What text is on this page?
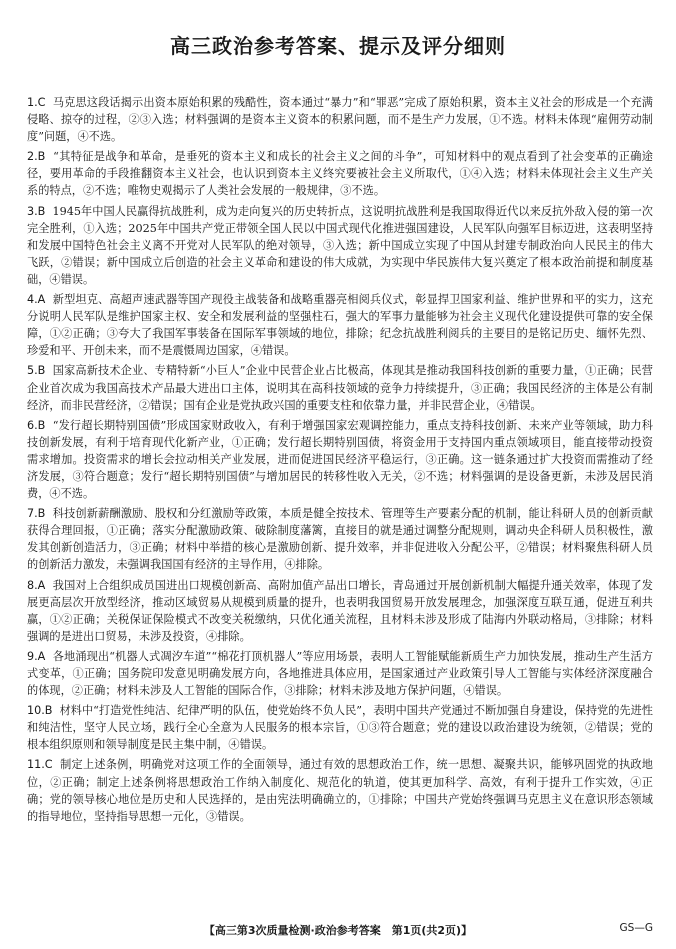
高三政治参考答案、提示及评分细则
1.C 马克思这段话揭示出资本原始积累的残酷性，资本通过“暴力”和“罪恶”完成了原始积累，资本主义社会的形成是一个充满侵略、掠夺的过程，②③入选；材料强调的是资本主义资本的积累问题，而不是生产力发展，①不选。材料未体现“雇佣劳动制度”问题，④不选。
2.B “其特征是战争和革命，是垂死的资本主义和成长的社会主义之间的斗争”，可知材料中的观点看到了社会变革的正确途径，要用革命的手段推翻资本主义社会，也认识到资本主义终究要被社会主义所取代，①④入选；材料未体现社会主义生产关系的特点，②不选；唯物史观揭示了人类社会发展的一般规律，③不选。
3.B 1945年中国人民赢得抗战胜利，成为走向复兴的历史转折点，这说明抗战胜利是我国取得近代以来反抗外敌入侵的第一次完全胜利，①入选；2025年中国共产党正带领全国人民以中国式现代化推进强国建设，人民军队向强军目标迈进，这表明坚持和发展中国特色社会主义离不开党对人民军队的绝对领导，③入选；新中国成立实现了中国从封建专制政治向人民民主的伟大飞跃，②错误；新中国成立后创造的社会主义革命和建设的伟大成就，为实现中华民族伟大复兴奠定了根本政治前提和制度基础，④错误。
4.A 新型坦克、高超声速武器等国产现役主战装备和战略重器亮相阅兵仪式，彰显捍卫国家利益、维护世界和平的实力，这充分说明人民军队是维护国家主权、安全和发展利益的坚强柱石，强大的军事力量能够为社会主义现代化建设提供可靠的安全保障，①②正确；③夸大了我国军事装备在国际军事领域的地位，排除；纪念抗战胜利阅兵的主要目的是铭记历史、缅怀先烈、珍爱和平、开创未来，而不是震慑周边国家，④错误。
5.B 国家高新技术企业、专精特新“小巨人”企业中民营企业占比极高，体现其是推动我国科技创新的重要力量，①正确；民营企业首次成为我国高技术产品最大进出口主体，说明其在高科技领域的竞争力持续提升，③正确；我国民经济的主体是公有制经济，而非民营经济，②错误；国有企业是党执政兴国的重要支柱和依靠力量，并非民营企业，④错误。
6.B “发行超长期特别国债”形成国家财政收入，有利于增强国家宏观调控能力，重点支持科技创新、未来产业等领域，助力科技创新发展，有利于培育现代化新产业，①正确；发行超长期特别国债，将资金用于支持国内重点领域项目，能直接带动投资需求增加。投资需求的增长会拉动相关产业发展，进而促进国民经济平稳运行，③正确。这一链条通过扩大投资而需推动了经济发展，③符合题意；发行“超长期特别国债”与增加居民的转移性收入无关，②不选；材料强调的是设备更新，未涉及居民消费，④不选。
7.B 科技创新薪酬激励、股权和分红激励等政策，本质是健全按技术、管理等生产要素分配的机制，能让科研人员的创新贡献获得合理回报，①正确；落实分配激励政策、破除制度藩篱，直接目的就是通过调整分配规则，调动央企科研人员积极性，激发其创新创造活力，③正确；材料中举措的核心是激励创新、提升效率，并非促进收入分配公平，②错误；材料聚焦科研人员的创新活力激发，未强调我国国有经济的主导作用，④排除。
8.A 我国对上合组织成员国进出口规模创新高、高附加值产品出口增长，青岛通过开展创新机制大幅提升通关效率，体现了发展更高层次开放型经济，推动区域贸易从规模到质量的提升，也表明我国贸易开放发展理念，加强深度互联互通，促进互利共赢，①②正确；关税保证保险模式不改变关税缴纳，只优化通关流程，且材料未涉及形成了陆海内外联动格局，③排除；材料强调的是进出口贸易，未涉及投资，④排除。
9.A 各地涌现出“机器人式凋汐车道”“棉花打顶机器人”等应用场景，表明人工智能赋能新质生产力加快发展，推动生产生活方式变革，①正确；国务院印发意见明确发展方向，各地推进具体应用，是国家通过产业政策引导人工智能与实体经济深度融合的体现，②正确；材料未涉及人工智能的国际合作，③排除；材料未涉及地方保护问题，④错误。
10.B 材料中“打造党性纯洁、纪律严明的队伍，使党始终不负人民”，表明中国共产党通过不断加强自身建设，保持党的先进性和纯洁性，坚守人民立场，践行全心全意为人民服务的根本宗旨，①③符合题意；党的建设以政治建设为统领，②错误；党的根本组织原则和领导制度是民主集中制，④错误。
11.C 制定上述条例，明确党对这项工作的全面领导，通过有效的思想政治工作，统一思想、凝聚共识，能够巩固党的执政地位，②正确；制定上述条例将思想政治工作纳入制度化、规范化的轨道，使其更加科学、高效，有利于提升工作实效，④正确；党的领导核心地位是历史和人民选择的，是由宪法明确确立的，①排除；中国共产党始终强调马克思主义在意识形态领域的指导地位，坚持指导思想一元化，③错误。
【高三第3次质量检测·政治参考答案　第1页(共2页)】	GS—G
